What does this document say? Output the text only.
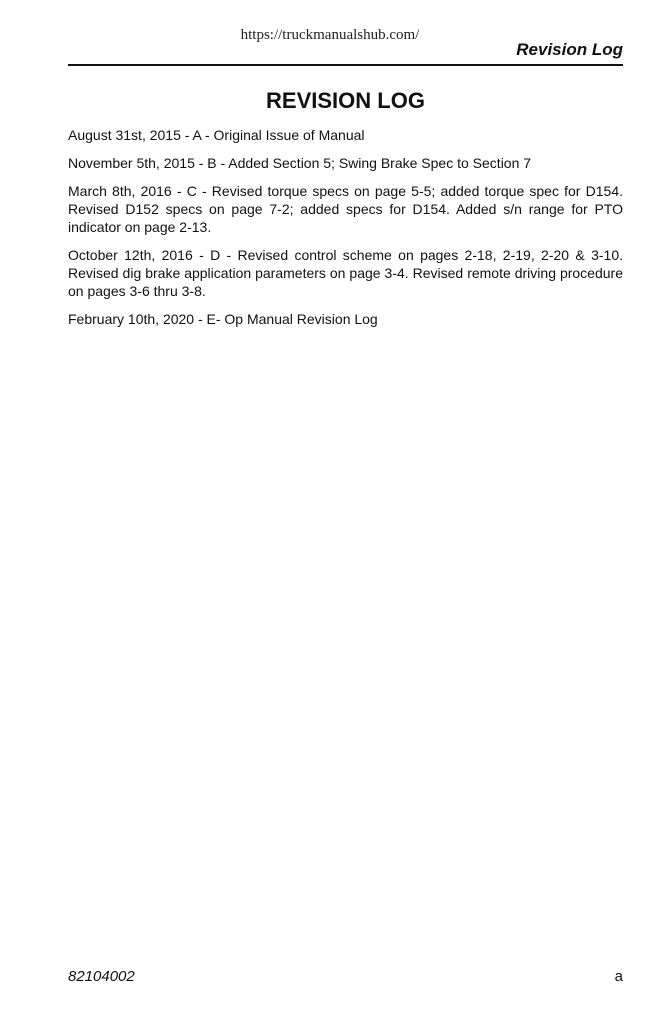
https://truckmanualshub.com/
Revision Log
REVISION LOG
August 31st, 2015 - A - Original Issue of Manual
November 5th, 2015 - B - Added Section 5; Swing Brake Spec to Section 7
March 8th, 2016 - C - Revised torque specs on page 5-5; added torque spec for D154. Revised D152 specs on page 7-2; added specs for D154. Added s/n range for PTO indicator on page 2-13.
October 12th, 2016 - D - Revised control scheme on pages 2-18, 2-19, 2-20 & 3-10. Revised dig brake application parameters on page 3-4. Revised remote driving procedure on pages 3-6 thru 3-8.
February 10th, 2020 - E- Op Manual Revision Log
82104002	a
